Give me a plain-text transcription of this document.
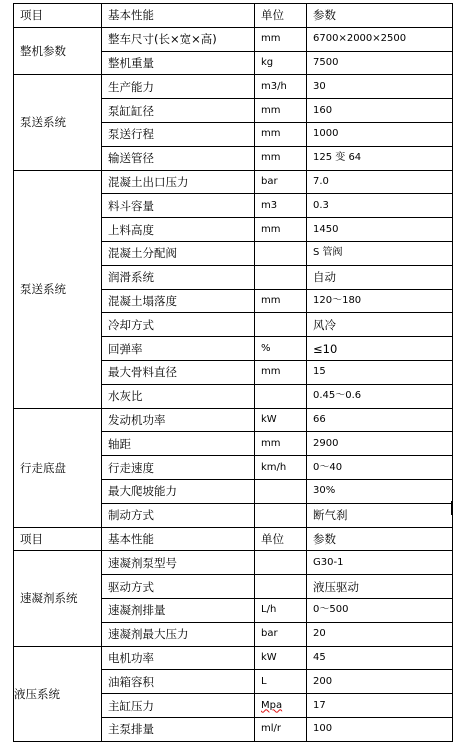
项目	基本性能	单位	参数
整机参数	整车尺寸(长×宽×高)	mm	6700×2000×2500
	整机重量	kg	7500
泵送系统	生产能力	m3/h	30
	泵缸缸径	mm	160
	泵送行程	mm	1000
	输送管径	mm	125 变 64
泵送系统	混凝土出口压力	bar	7.0
	料斗容量	m3	0.3
	上料高度	mm	1450
	混凝土分配阀		S 管阀
	润滑系统		自动
	混凝土塌落度	mm	120～180
	冷却方式		风冷
	回弹率	%	≤10
	最大骨料直径	mm	15
	水灰比		0.45～0.6
行走底盘	发动机功率	kW	66
	轴距	mm	2900
	行走速度	km/h	0～40
	最大爬坡能力		30%
	制动方式		断气刹
项目	基本性能	单位	参数
速凝剂系统	速凝剂泵型号		G30-1
	驱动方式		液压驱动
	速凝剂排量	L/h	0～500
	速凝剂最大压力	bar	20
液压系统	电机功率	kW	45
	油箱容积	L	200
	主缸压力	Mpa	17
	主泵排量	ml/r	100
